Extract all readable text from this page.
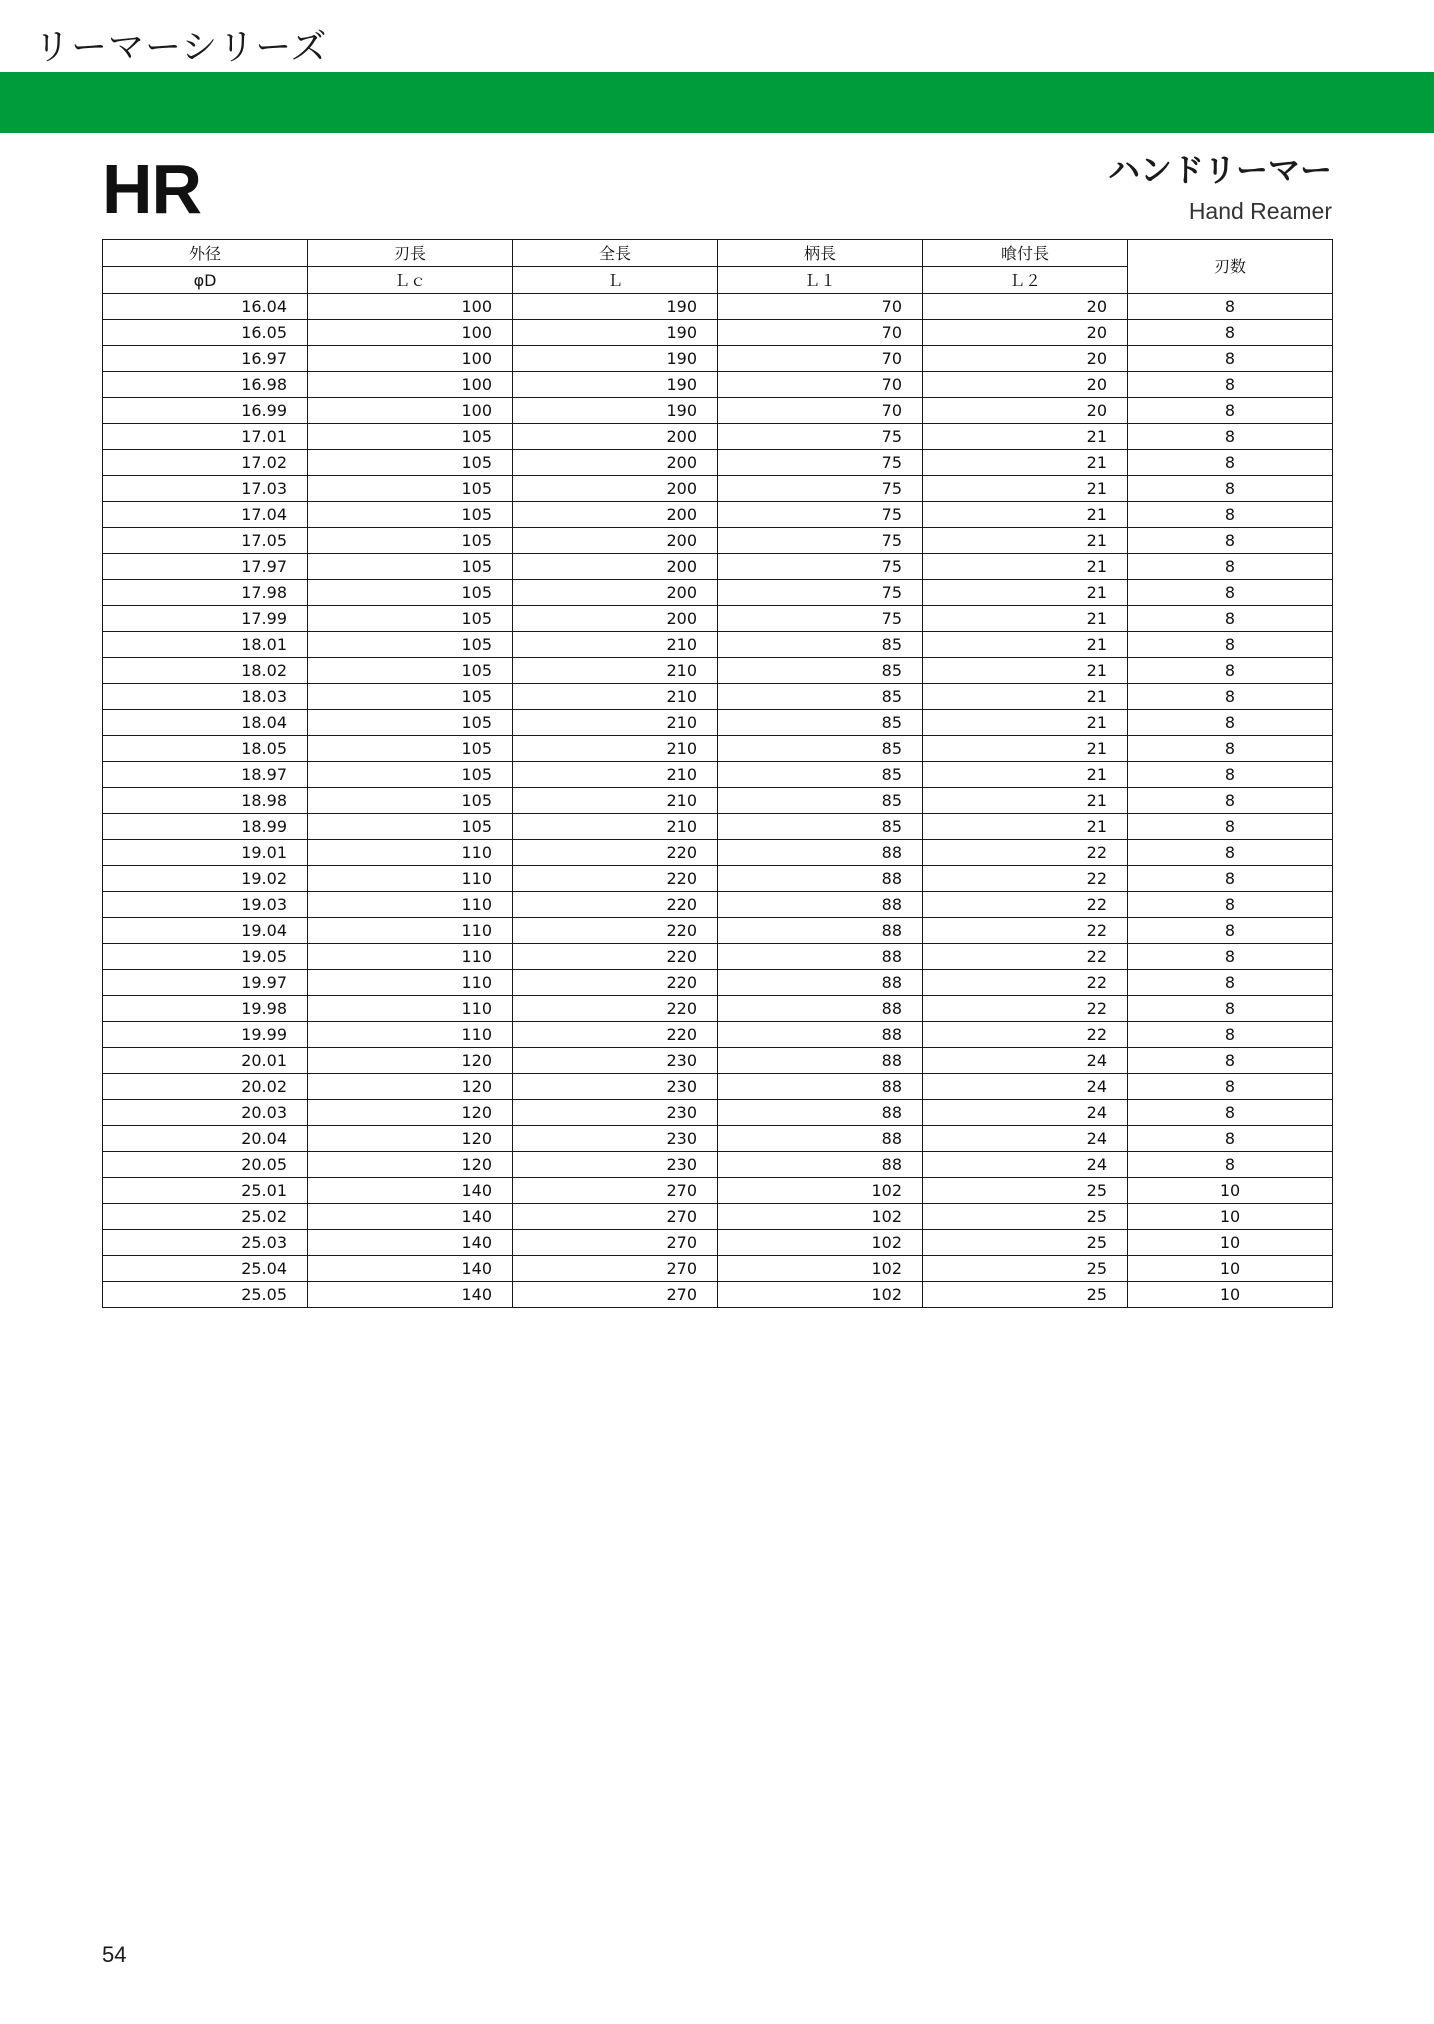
リーマーシリーズ
HR	ハンドリーマー
Hand Reamer
外径	刃長	全長	柄長	喰付長	刃数
φD	Ｌｃ	Ｌ	Ｌ１	Ｌ２	
16.04	100	190	70	20	8
16.05	100	190	70	20	8
16.97	100	190	70	20	8
16.98	100	190	70	20	8
16.99	100	190	70	20	8
17.01	105	200	75	21	8
17.02	105	200	75	21	8
17.03	105	200	75	21	8
17.04	105	200	75	21	8
17.05	105	200	75	21	8
17.97	105	200	75	21	8
17.98	105	200	75	21	8
17.99	105	200	75	21	8
18.01	105	210	85	21	8
18.02	105	210	85	21	8
18.03	105	210	85	21	8
18.04	105	210	85	21	8
18.05	105	210	85	21	8
18.97	105	210	85	21	8
18.98	105	210	85	21	8
18.99	105	210	85	21	8
19.01	110	220	88	22	8
19.02	110	220	88	22	8
19.03	110	220	88	22	8
19.04	110	220	88	22	8
19.05	110	220	88	22	8
19.97	110	220	88	22	8
19.98	110	220	88	22	8
19.99	110	220	88	22	8
20.01	120	230	88	24	8
20.02	120	230	88	24	8
20.03	120	230	88	24	8
20.04	120	230	88	24	8
20.05	120	230	88	24	8
25.01	140	270	102	25	10
25.02	140	270	102	25	10
25.03	140	270	102	25	10
25.04	140	270	102	25	10
25.05	140	270	102	25	10
54
